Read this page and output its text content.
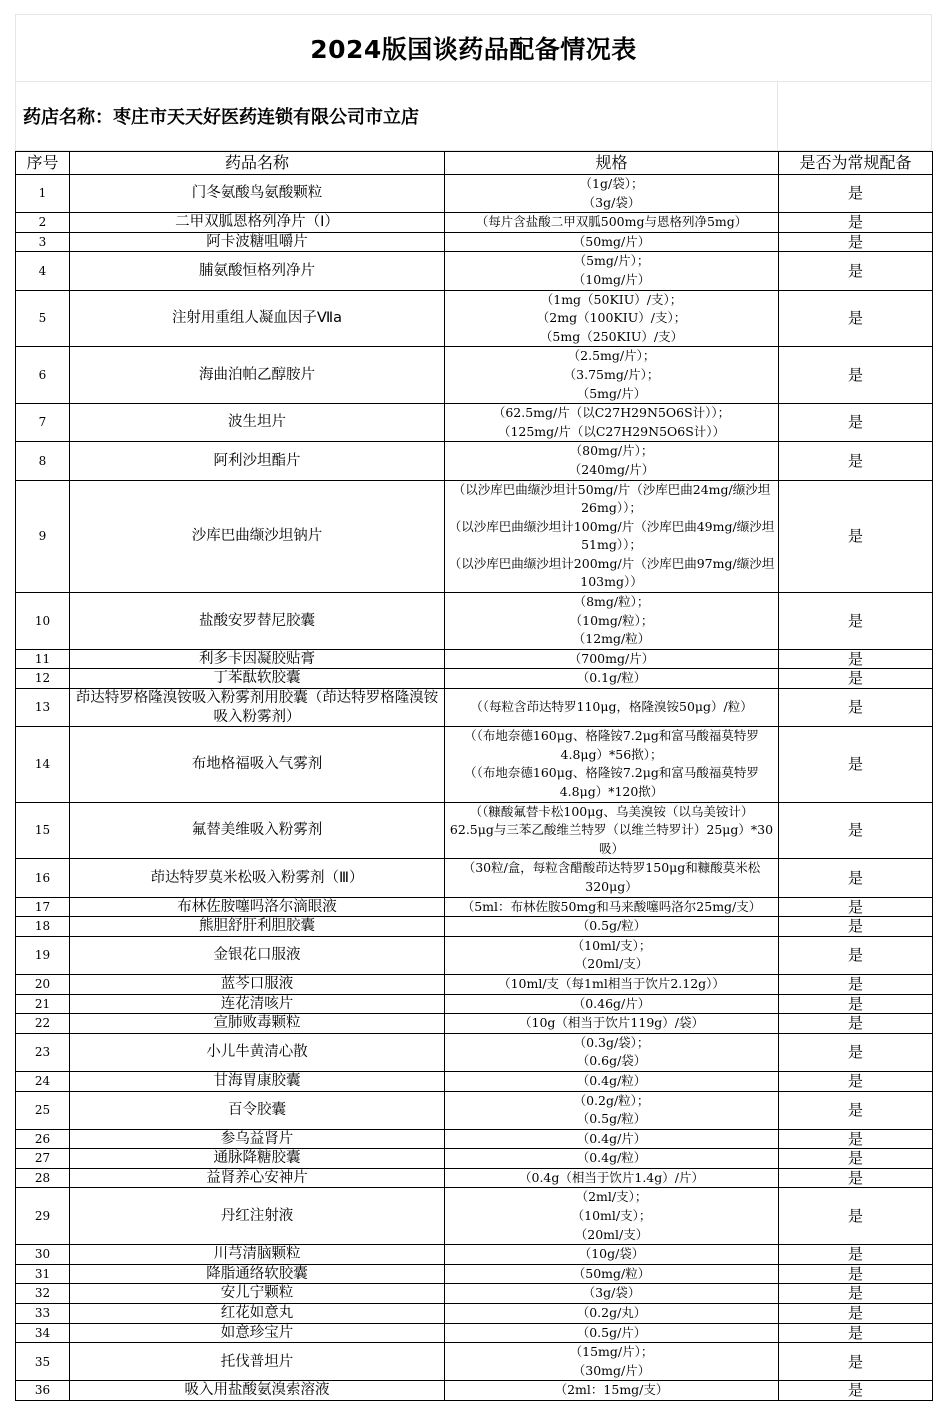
2024版国谈药品配备情况表
药店名称：枣庄市天天好医药连锁有限公司市立店
序号	药品名称	规格	是否为常规配备
1	门冬氨酸鸟氨酸颗粒	（1g/袋）；
（3g/袋）	是
2	二甲双胍恩格列净片（Ⅰ）	（每片含盐酸二甲双胍500mg与恩格列净5mg）	是
3	阿卡波糖咀嚼片	（50mg/片）	是
4	脯氨酸恒格列净片	（5mg/片）；
（10mg/片）	是
5	注射用重组人凝血因子Ⅶa	（1mg（50KIU）/支）；
（2mg（100KIU）/支）；
（5mg（250KIU）/支）	是
6	海曲泊帕乙醇胺片	（2.5mg/片）；
（3.75mg/片）；
（5mg/片）	是
7	波生坦片	（62.5mg/片（以C27H29N5O6S计））；
（125mg/片（以C27H29N5O6S计））	是
8	阿利沙坦酯片	（80mg/片）；
（240mg/片）	是
9	沙库巴曲缬沙坦钠片	（以沙库巴曲缬沙坦计50mg/片（沙库巴曲24mg/缬沙坦26mg））；
（以沙库巴曲缬沙坦计100mg/片（沙库巴曲49mg/缬沙坦51mg））；
（以沙库巴曲缬沙坦计200mg/片（沙库巴曲97mg/缬沙坦103mg））	是
10	盐酸安罗替尼胶囊	（8mg/粒）；
（10mg/粒）；
（12mg/粒）	是
11	利多卡因凝胶贴膏	（700mg/片）	是
12	丁苯酞软胶囊	（0.1g/粒）	是
13	茚达特罗格隆溴铵吸入粉雾剂用胶囊（茚达特罗格隆溴铵吸入粉雾剂）	（（每粒含茚达特罗110μg，格隆溴铵50μg）/粒）	是
14	布地格福吸入气雾剂	（（布地奈德160μg、格隆铵7.2μg和富马酸福莫特罗4.8μg）*56揿）；
（（布地奈德160μg、格隆铵7.2μg和富马酸福莫特罗4.8μg）*120揿）	是
15	氟替美维吸入粉雾剂	（（糠酸氟替卡松100μg、乌美溴铵（以乌美铵计）62.5μg与三苯乙酸维兰特罗（以维兰特罗计）25μg）*30吸）	是
16	茚达特罗莫米松吸入粉雾剂（Ⅲ）	（30粒/盒，每粒含醋酸茚达特罗150μg和糠酸莫米松320μg）	是
17	布林佐胺噻吗洛尔滴眼液	（5ml：布林佐胺50mg和马来酸噻吗洛尔25mg/支）	是
18	熊胆舒肝利胆胶囊	（0.5g/粒）	是
19	金银花口服液	（10ml/支）；
（20ml/支）	是
20	蓝芩口服液	（10ml/支（每1ml相当于饮片2.12g））	是
21	连花清咳片	（0.46g/片）	是
22	宣肺败毒颗粒	（10g（相当于饮片119g）/袋）	是
23	小儿牛黄清心散	（0.3g/袋）；
（0.6g/袋）	是
24	甘海胃康胶囊	（0.4g/粒）	是
25	百令胶囊	（0.2g/粒）；
（0.5g/粒）	是
26	参乌益肾片	（0.4g/片）	是
27	通脉降糖胶囊	（0.4g/粒）	是
28	益肾养心安神片	（0.4g（相当于饮片1.4g）/片）	是
29	丹红注射液	（2ml/支）；
（10ml/支）；
（20ml/支）	是
30	川芎清脑颗粒	（10g/袋）	是
31	降脂通络软胶囊	（50mg/粒）	是
32	安儿宁颗粒	（3g/袋）	是
33	红花如意丸	（0.2g/丸）	是
34	如意珍宝片	（0.5g/片）	是
35	托伐普坦片	（15mg/片）；
（30mg/片）	是
36	吸入用盐酸氨溴索溶液	（2ml：15mg/支）	是
